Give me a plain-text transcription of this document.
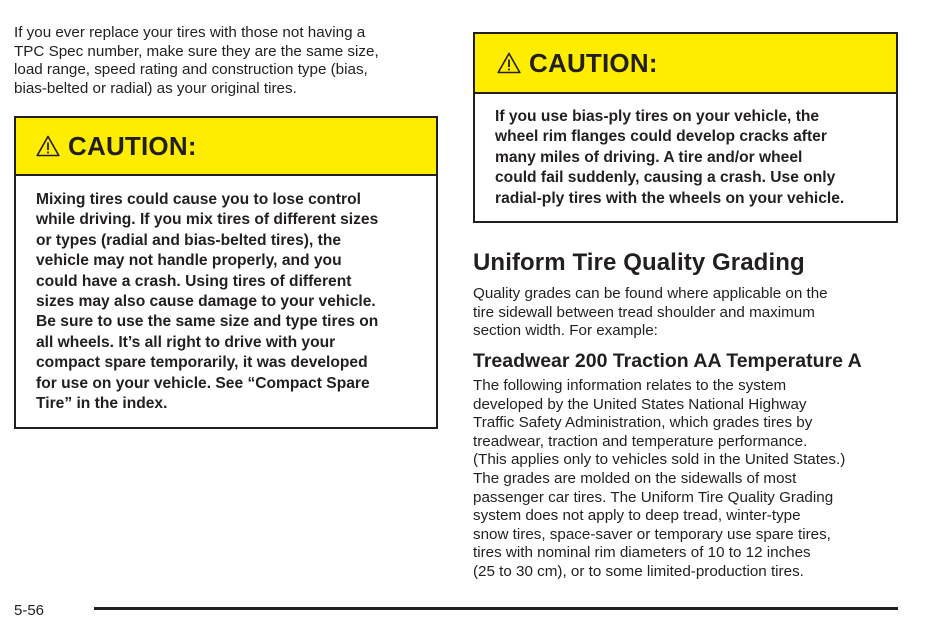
If you ever replace your tires with those not having a
TPC Spec number, make sure they are the same size,
load range, speed rating and construction type (bias,
bias-belted or radial) as your original tires.

CAUTION:
Mixing tires could cause you to lose control
while driving. If you mix tires of different sizes
or types (radial and bias-belted tires), the
vehicle may not handle properly, and you
could have a crash. Using tires of different
sizes may also cause damage to your vehicle.
Be sure to use the same size and type tires on
all wheels. It’s all right to drive with your
compact spare temporarily, it was developed
for use on your vehicle. See “Compact Spare
Tire” in the index.
CAUTION:
If you use bias-ply tires on your vehicle, the
wheel rim flanges could develop cracks after
many miles of driving. A tire and/or wheel
could fail suddenly, causing a crash. Use only
radial-ply tires with the wheels on your vehicle.
Uniform Tire Quality Grading

Quality grades can be found where applicable on the
tire sidewall between tread shoulder and maximum
section width. For example:

Treadwear 200 Traction AA Temperature A

The following information relates to the system
developed by the United States National Highway
Traffic Safety Administration, which grades tires by
treadwear, traction and temperature performance.
(This applies only to vehicles sold in the United States.)
The grades are molded on the sidewalls of most
passenger car tires. The Uniform Tire Quality Grading
system does not apply to deep tread, winter-type
snow tires, space-saver or temporary use spare tires,
tires with nominal rim diameters of 10 to 12 inches
(25 to 30 cm), or to some limited-production tires.

5-56
